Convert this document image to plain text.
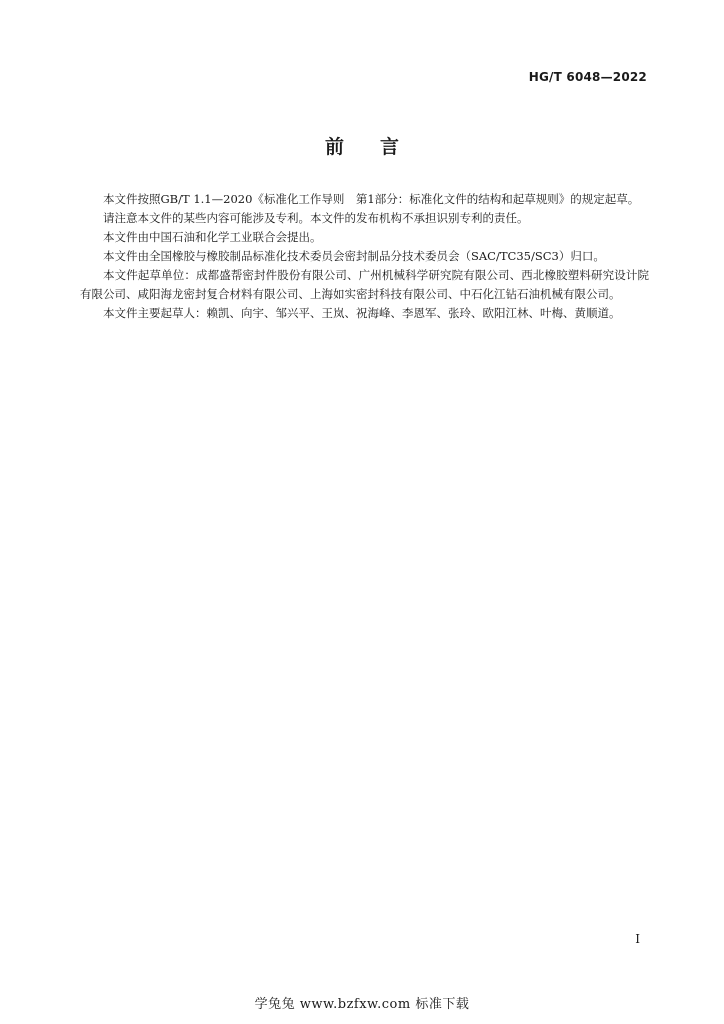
HG/T 6048—2022
前言

本文件按照GB/T 1.1—2020《标准化工作导则　第1部分：标准化文件的结构和起草规则》的规定起草。

请注意本文件的某些内容可能涉及专利。本文件的发布机构不承担识别专利的责任。

本文件由中国石油和化学工业联合会提出。

本文件由全国橡胶与橡胶制品标准化技术委员会密封制品分技术委员会（SAC/TC35/SC3）归口。

本文件起草单位：成都盛帮密封件股份有限公司、广州机械科学研究院有限公司、西北橡胶塑料研究设计院有限公司、咸阳海龙密封复合材料有限公司、上海如实密封科技有限公司、中石化江钻石油机械有限公司。

本文件主要起草人：赖凯、向宇、邹兴平、王岚、祝海峰、李恩军、张玲、欧阳江林、叶梅、黄顺道。

I
学兔兔 www.bzfxw.com 标准下载
